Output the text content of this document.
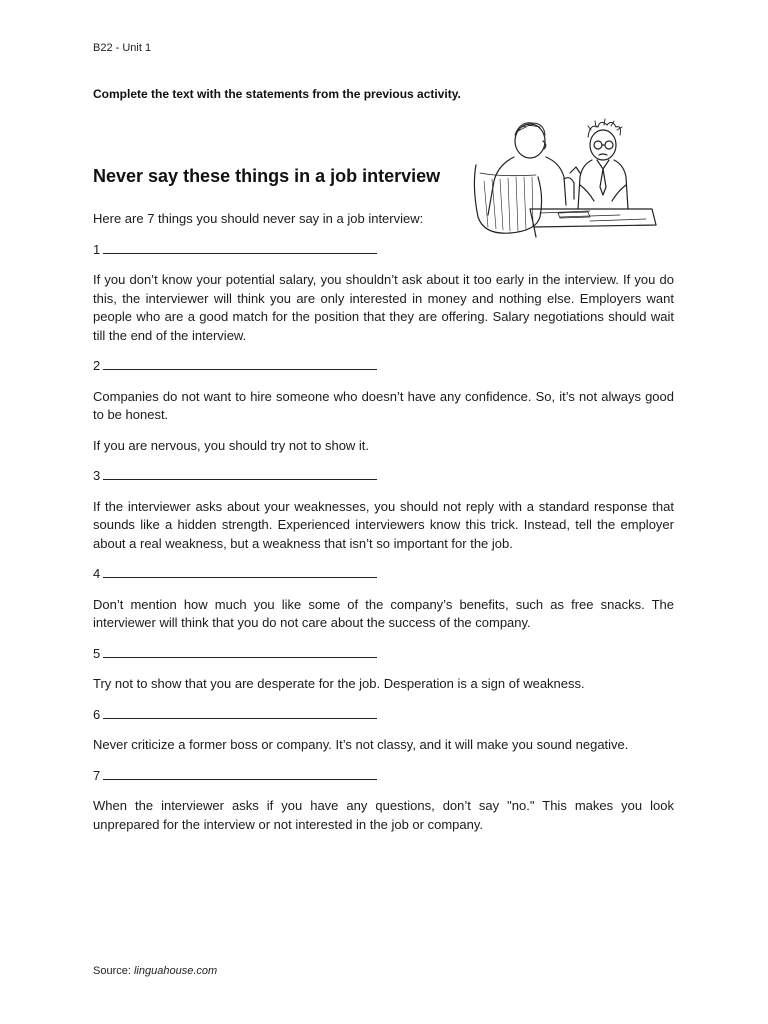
B22 - Unit 1
Complete the text with the statements from the previous activity.
Never say these things in a job interview

Here are 7 things you should never say in a job interview:

1

If you don’t know your potential salary, you shouldn’t ask about it too early in the interview. If you do this, the interviewer will think you are only interested in money and nothing else. Employers want people who are a good match for the position that they are offering. Salary negotiations should wait till the end of the interview.

2

Companies do not want to hire someone who doesn’t have any confidence. So, it’s not always good to be honest.

If you are nervous, you should try not to show it.

3

If the interviewer asks about your weaknesses, you should not reply with a standard response that sounds like a hidden strength. Experienced interviewers know this trick. Instead, tell the employer about a real weakness, but a weakness that isn’t so important for the job.

4

Don’t mention how much you like some of the company’s benefits, such as free snacks. The interviewer will think that you do not care about the success of the company.

5

Try not to show that you are desperate for the job. Desperation is a sign of weakness.

6

Never criticize a former boss or company. It’s not classy, and it will make you sound negative.

7

When the interviewer asks if you have any questions, don’t say "no." This makes you look unprepared for the interview or not interested in the job or company.

Source: linguahouse.com
